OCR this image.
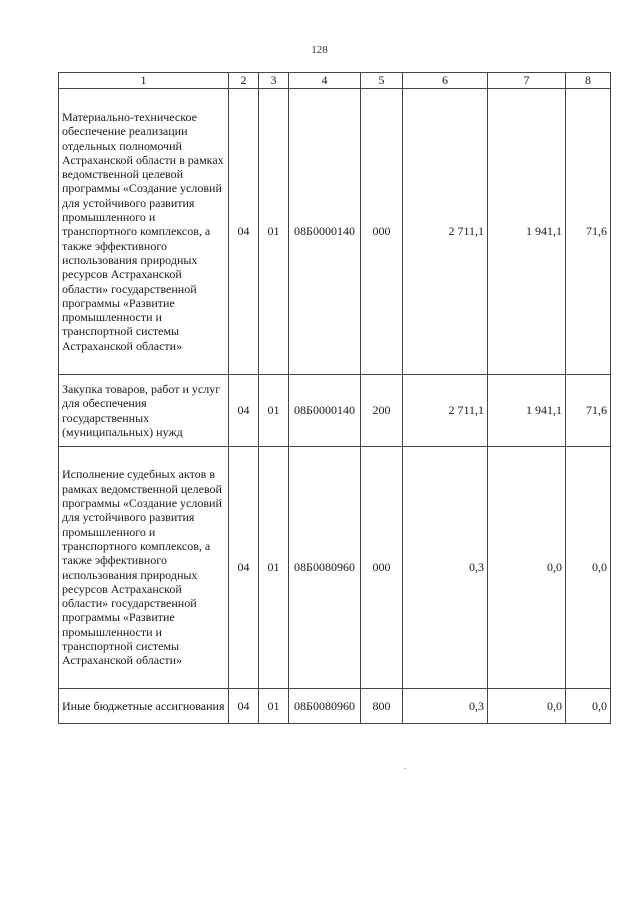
128
1	2	3	4	5	6	7	8
Материально-техническое обеспечение реализации отдельных полномочий Астраханской области в рамках ведомственной целевой программы «Создание условий для устойчивого развития промышленного и транспортного комплексов, а также эффективного использования природных ресурсов Астраханской области» государственной программы «Развитие промышленности и транспортной системы Астраханской области»	04	01	08Б0000140	000	2 711,1	1 941,1	71,6
Закупка товаров, работ и услуг для обеспечения государственных (муниципальных) нужд	04	01	08Б0000140	200	2 711,1	1 941,1	71,6
Исполнение судебных актов в рамках ведомственной целевой программы «Создание условий для устойчивого развития промышленного и транспортного комплексов, а также эффективного использования природных ресурсов Астраханской области» государственной программы «Развитие промышленности и транспортной системы Астраханской области»	04	01	08Б0080960	000	0,3	0,0	0,0
Иные бюджетные ассигнования	04	01	08Б0080960	800	0,3	0,0	0,0
